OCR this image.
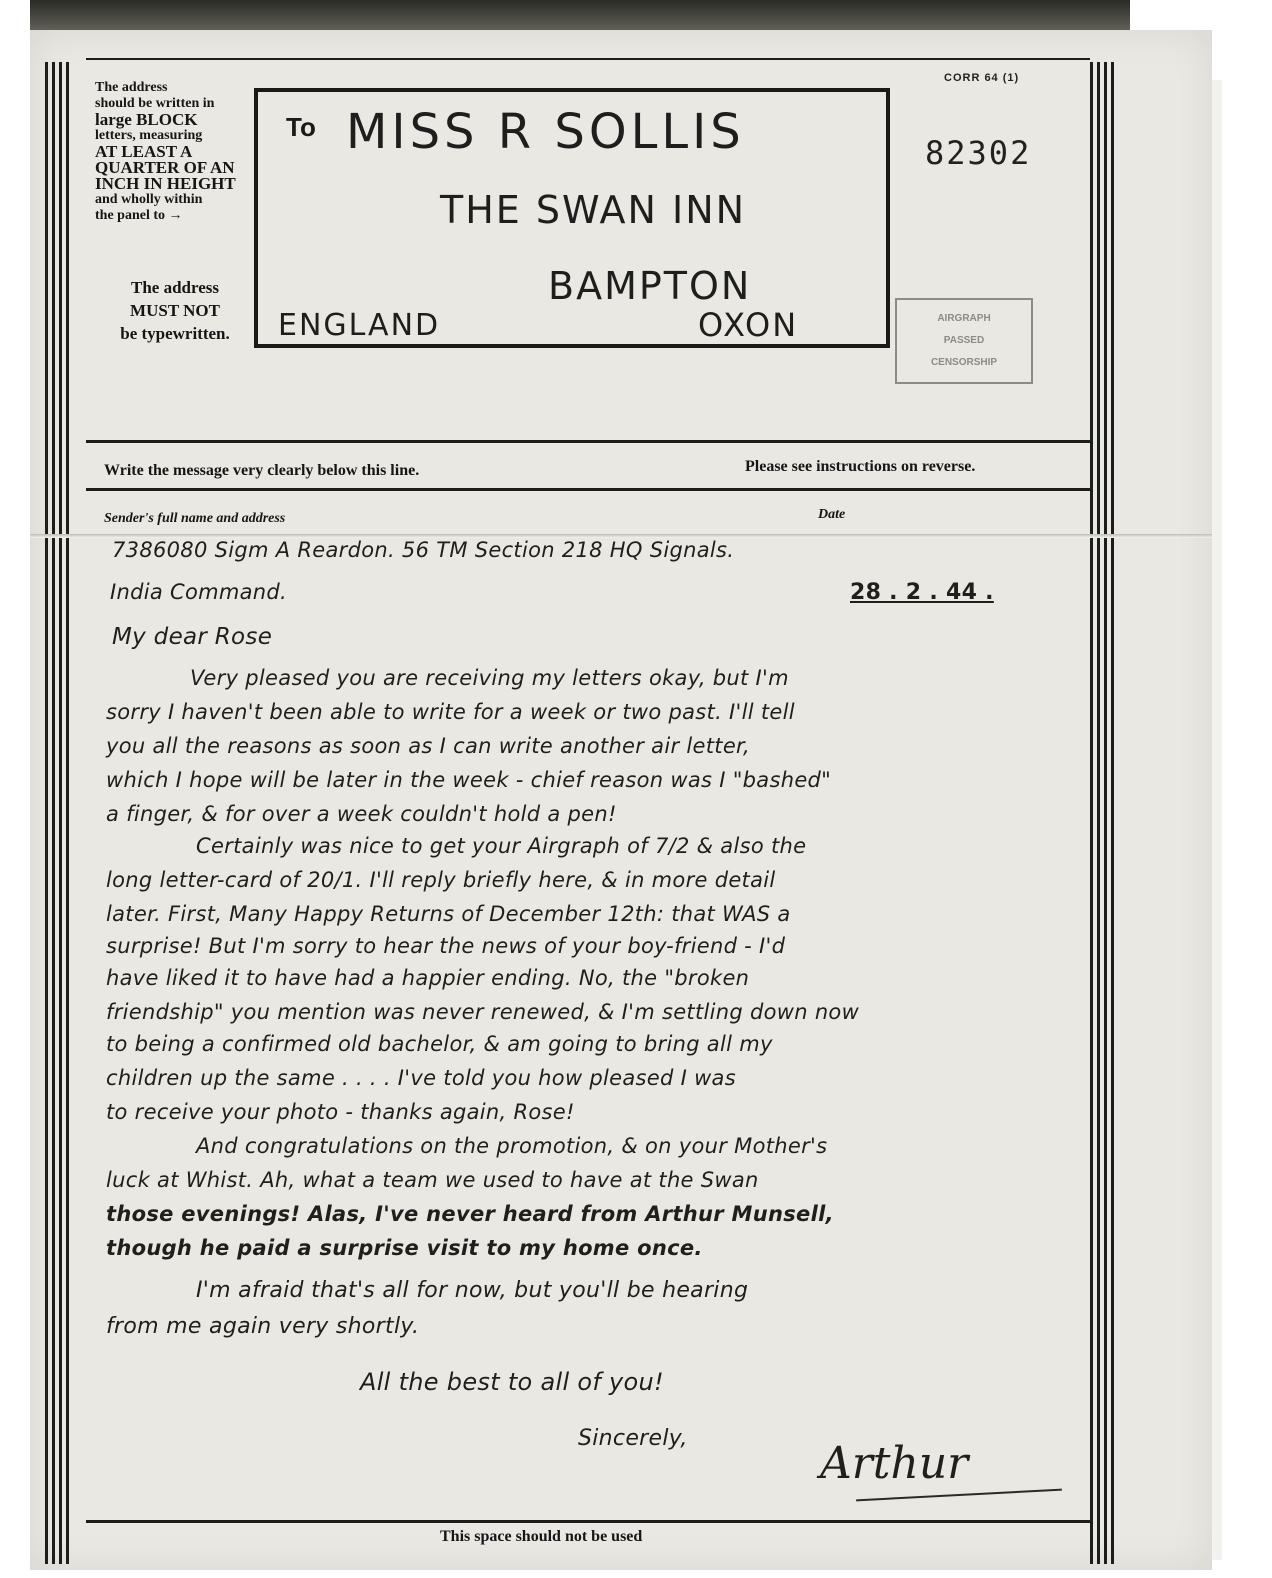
CORR 64 (1)
82302
The address
should be written in
large BLOCK
letters, measuring
AT LEAST A
QUARTER OF AN
INCH IN HEIGHT
and wholly within
the panel to →
The address
MUST NOT
be typewritten.
To MISS R SOLLIS
THE SWAN INN
BAMPTON
ENGLAND	OXON	AIRGRAPH
PASSED
CENSORSHIP
Write the message very clearly below this line.	Please see instructions on reverse.
Sender's full name and address	Date
7386080 Sigm A Reardon. 56 TM Section 218 HQ Signals.
India Command.	28 . 2 . 44 .
My dear Rose
Very pleased you are receiving my letters okay, but I'm
sorry I haven't been able to write for a week or two past. I'll tell
you all the reasons as soon as I can write another air letter,
which I hope will be later in the week - chief reason was I "bashed"
a finger, & for over a week couldn't hold a pen!
Certainly was nice to get your Airgraph of 7/2 & also the
long letter-card of 20/1. I'll reply briefly here, & in more detail
later. First, Many Happy Returns of December 12th: that WAS a
surprise! But I'm sorry to hear the news of your boy-friend - I'd
have liked it to have had a happier ending. No, the "broken
friendship" you mention was never renewed, & I'm settling down now
to being a confirmed old bachelor, & am going to bring all my
children up the same . . . . I've told you how pleased I was
to receive your photo - thanks again, Rose!
And congratulations on the promotion, & on your Mother's
luck at Whist. Ah, what a team we used to have at the Swan
those evenings! Alas, I've never heard from Arthur Munsell,
though he paid a surprise visit to my home once.
I'm afraid that's all for now, but you'll be hearing
from me again very shortly.
All the best to all of you!
Sincerely,	Arthur
This space should not be used
